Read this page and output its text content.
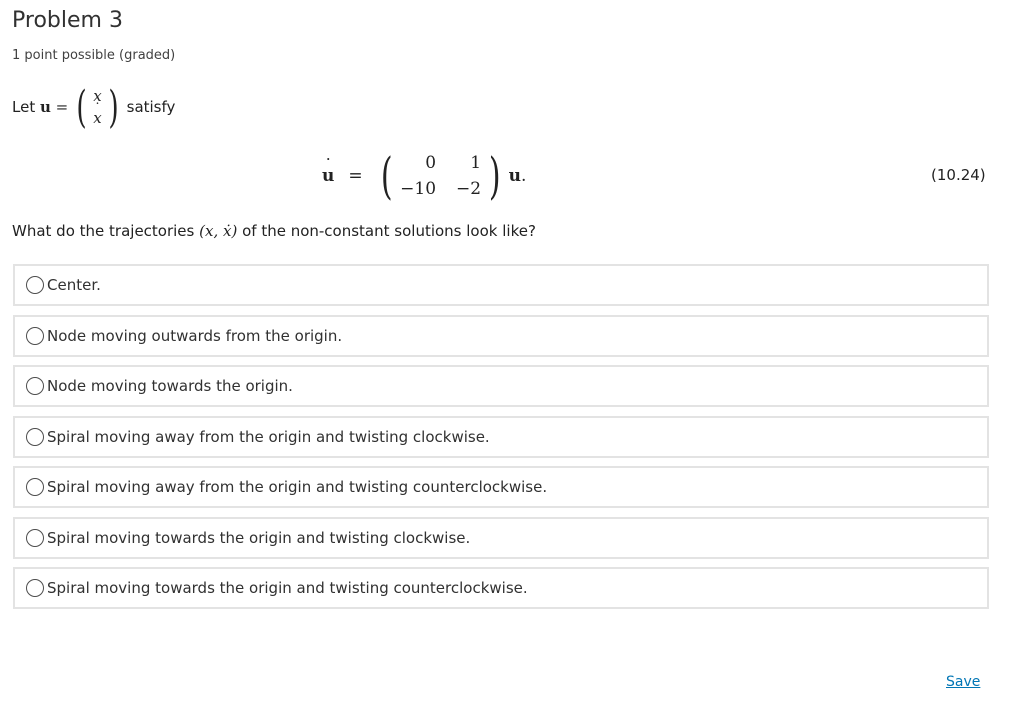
Problem 3
1 point possible (graded)
Let
u
=
( x
˙ x )
satisfy
˙ u = (	0	1
−10 −2 ) u .	(10.24)
What do the trajectories (x, ẋ) of the non-constant solutions look like?
Center.
Node moving outwards from the origin.
Node moving towards the origin.
Spiral moving away from the origin and twisting clockwise.
Spiral moving away from the origin and twisting counterclockwise.
Spiral moving towards the origin and twisting clockwise.
Spiral moving towards the origin and twisting counterclockwise.
Save
